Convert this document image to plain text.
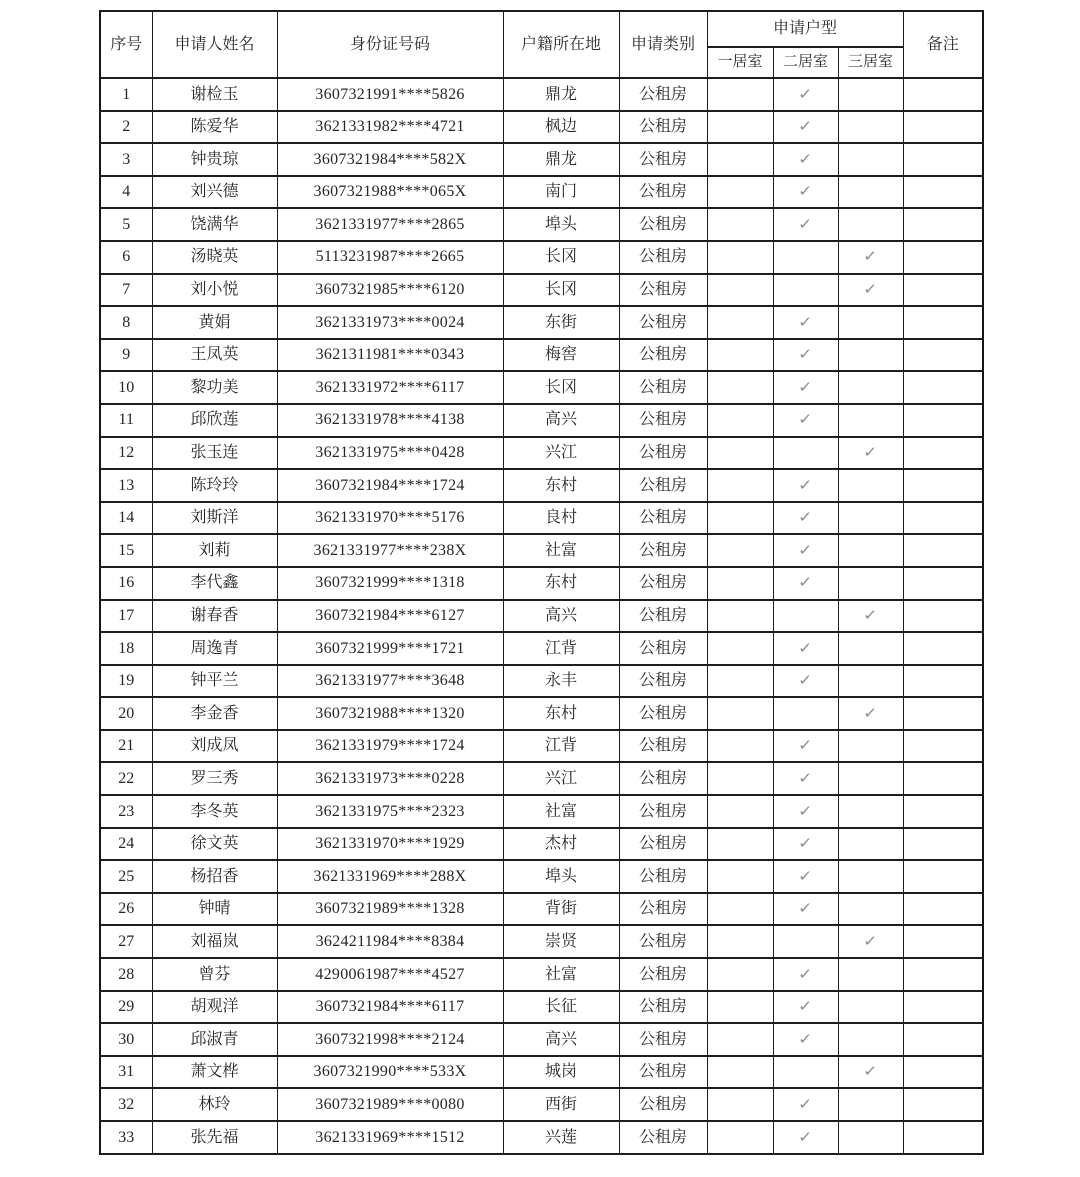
序号	申请人姓名	身份证号码	户籍所在地	申请类别	申请户型			备注
					一居室	二居室	三居室	
1	谢检玉	3607321991****5826	鼎龙	公租房		✓		
2	陈爱华	3621331982****4721	枫边	公租房		✓		
3	钟贵琼	3607321984****582X	鼎龙	公租房		✓		
4	刘兴德	3607321988****065X	南门	公租房		✓		
5	饶满华	3621331977****2865	埠头	公租房		✓		
6	汤晓英	5113231987****2665	长冈	公租房			✓	
7	刘小悦	3607321985****6120	长冈	公租房			✓	
8	黄娟	3621331973****0024	东街	公租房		✓		
9	王凤英	3621311981****0343	梅窖	公租房		✓		
10	黎功美	3621331972****6117	长冈	公租房		✓		
11	邱欣莲	3621331978****4138	高兴	公租房		✓		
12	张玉连	3621331975****0428	兴江	公租房			✓	
13	陈玲玲	3607321984****1724	东村	公租房		✓		
14	刘斯洋	3621331970****5176	良村	公租房		✓		
15	刘莉	3621331977****238X	社富	公租房		✓		
16	李代鑫	3607321999****1318	东村	公租房		✓		
17	谢春香	3607321984****6127	高兴	公租房			✓	
18	周逸青	3607321999****1721	江背	公租房		✓		
19	钟平兰	3621331977****3648	永丰	公租房		✓		
20	李金香	3607321988****1320	东村	公租房			✓	
21	刘成凤	3621331979****1724	江背	公租房		✓		
22	罗三秀	3621331973****0228	兴江	公租房		✓		
23	李冬英	3621331975****2323	社富	公租房		✓		
24	徐文英	3621331970****1929	杰村	公租房		✓		
25	杨招香	3621331969****288X	埠头	公租房		✓		
26	钟晴	3607321989****1328	背街	公租房		✓		
27	刘福岚	3624211984****8384	崇贤	公租房			✓	
28	曾芬	4290061987****4527	社富	公租房		✓		
29	胡观洋	3607321984****6117	长征	公租房		✓		
30	邱淑青	3607321998****2124	高兴	公租房		✓		
31	萧文桦	3607321990****533X	城岗	公租房			✓	
32	林玲	3607321989****0080	西街	公租房		✓		
33	张先福	3621331969****1512	兴莲	公租房		✓		
